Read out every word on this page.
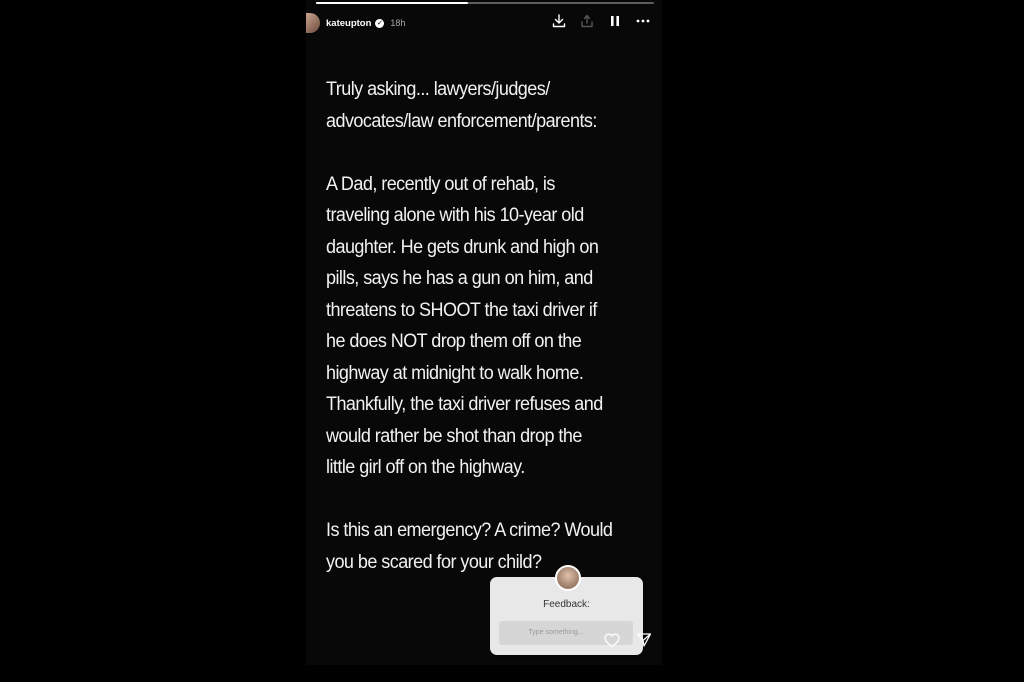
kateupton ✓ 18h

Truly asking... lawyers/judges/
advocates/law enforcement/parents:

A Dad, recently out of rehab, is
traveling alone with his 10-year old
daughter. He gets drunk and high on
pills, says he has a gun on him, and
threatens to SHOOT the taxi driver if
he does NOT drop them off on the
highway at midnight to walk home.
Thankfully, the taxi driver refuses and
would rather be shot than drop the
little girl off on the highway.

Is this an emergency? A crime? Would
you be scared for your child?

Feedback:
Type something...
